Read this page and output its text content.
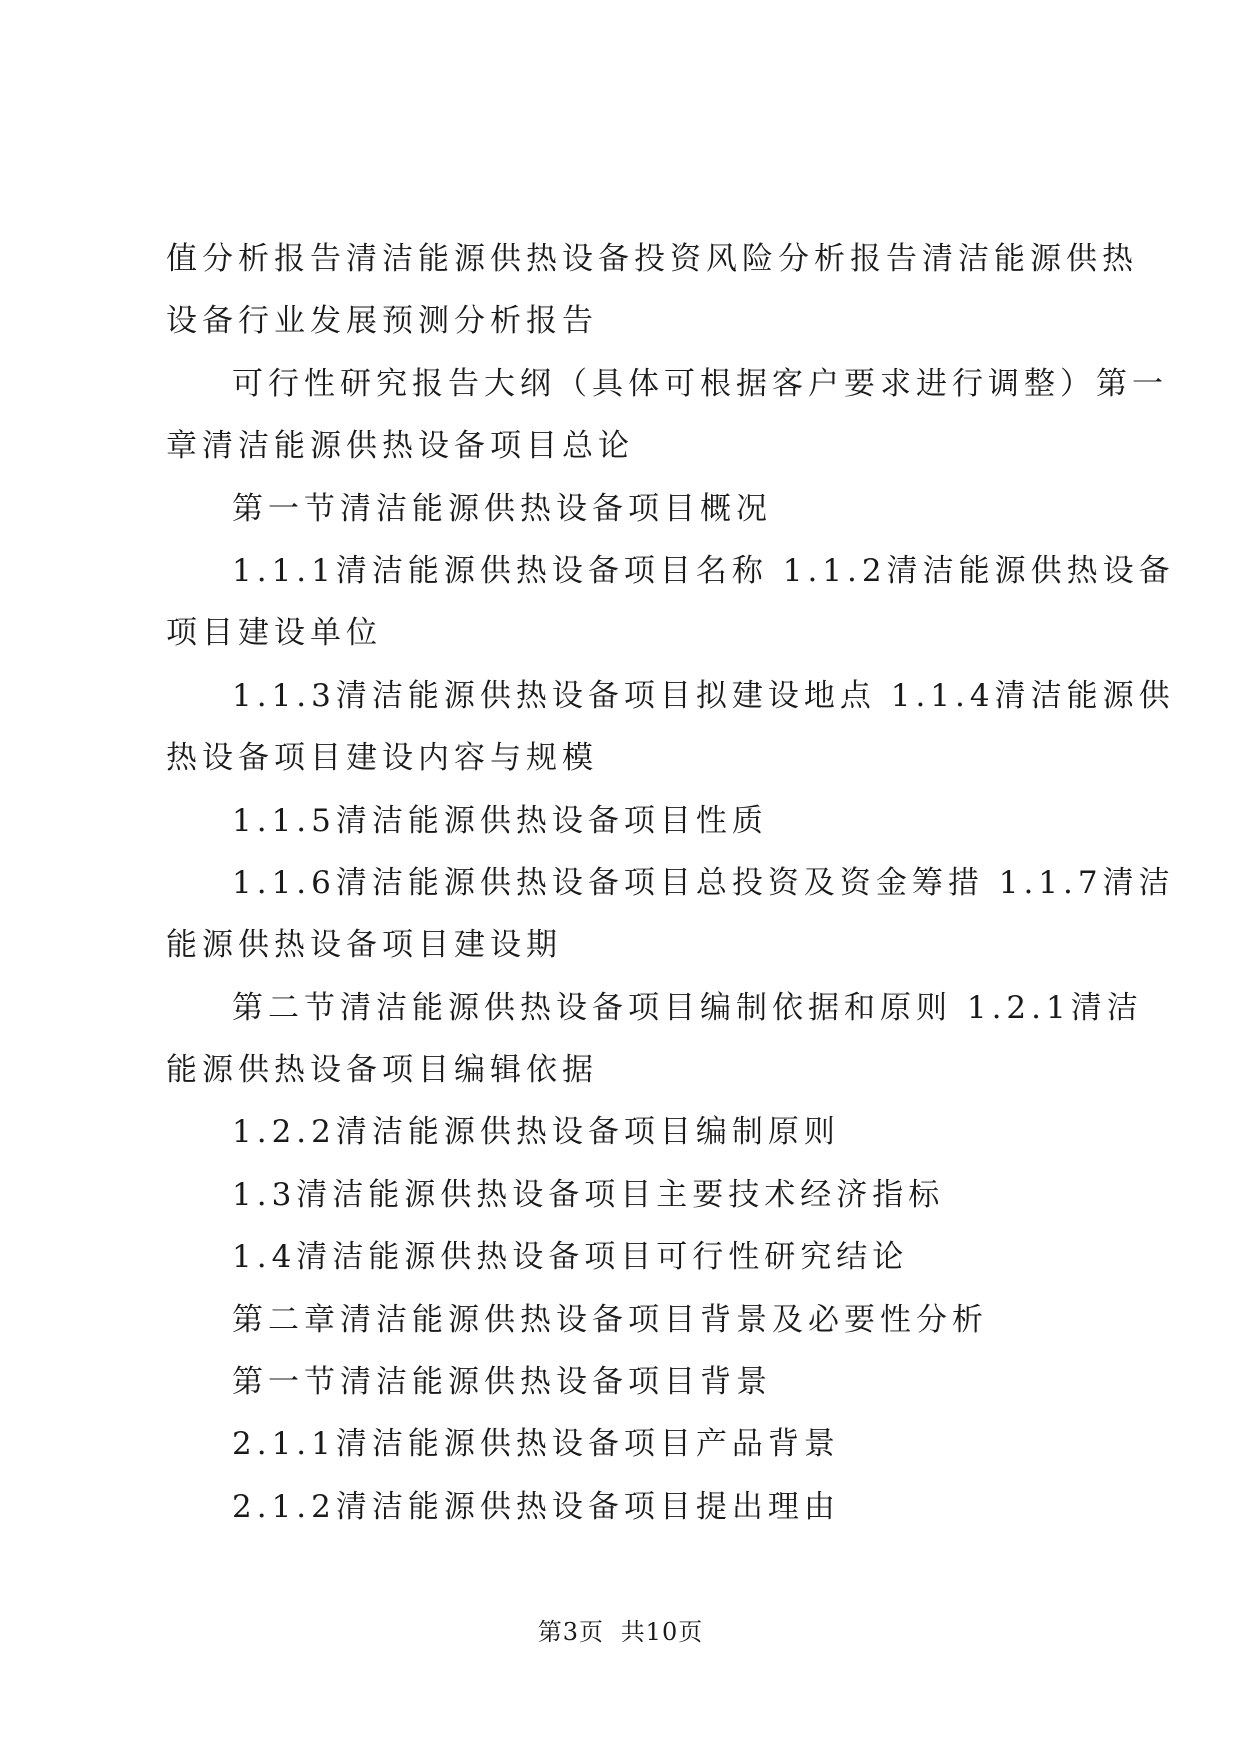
值分析报告清洁能源供热设备投资风险分析报告清洁能源供热
设备行业发展预测分析报告
可行性研究报告大纲（具体可根据客户要求进行调整）第一
章清洁能源供热设备项目总论
第一节清洁能源供热设备项目概况
1.1.1清洁能源供热设备项目名称 1.1.2清洁能源供热设备
项目建设单位
1.1.3清洁能源供热设备项目拟建设地点 1.1.4清洁能源供
热设备项目建设内容与规模
1.1.5清洁能源供热设备项目性质
1.1.6清洁能源供热设备项目总投资及资金筹措 1.1.7清洁
能源供热设备项目建设期
第二节清洁能源供热设备项目编制依据和原则 1.2.1清洁
能源供热设备项目编辑依据
1.2.2清洁能源供热设备项目编制原则
1.3清洁能源供热设备项目主要技术经济指标
1.4清洁能源供热设备项目可行性研究结论
第二章清洁能源供热设备项目背景及必要性分析
第一节清洁能源供热设备项目背景
2.1.1清洁能源供热设备项目产品背景
2.1.2清洁能源供热设备项目提出理由
第3页 共10页
